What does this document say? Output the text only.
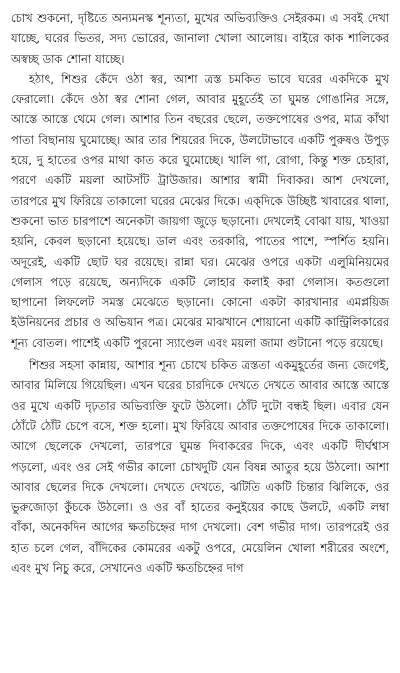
চোখ শুকনো, দৃষ্টিতে অন্যমনস্ক শূন্যতা, মুখের অভিব্যক্তিও সেইরকম। এ সবই দেখা যাচ্ছে, ঘরের ভিতর, সদ্য ভোরের, জানালা খোলা আলোয়। বাইরে কাক শালিকের অস্বচ্ছ ডাক শোনা যাচ্ছে।

হঠাৎ, শিশুর কেঁদে ওঠা স্বর, আশা ত্রস্ত চমকিত ভাবে ঘরের একদিকে মুখ ফেরালো। কেঁদে ওঠা স্বর শোনা গেল, আবার মুহূর্তেই তা ঘুমন্ত গোঙানির সঙ্গে, আস্তে আস্তে থেমে গেল। আশার তিন বছরের ছেলে, তক্তপোষের ওপর, মাত্র কাঁথা পাতা বিছানায় ঘুমোচ্ছে। আর তার শিয়রের দিকে, উলটোভাবে একটি পুরুষও উপুড় হয়ে, দু হাতের ওপর মাথা কাত করে ঘুমোচ্ছে। খালি গা, রোগা, কিন্তু শক্ত চেহারা, পরণে একটি ময়লা আটসাঁট ট্রাউজার। আশার স্বামী দিবাকর। আশ দেখলো, তারপরে মুখ ফিরিয়ে তাকালো ঘরের মেঝের দিকে। এক্‌দিকে উচ্ছিষ্ট খাবারের থালা, শুকনো ভাত চারপাশে অনেকটা জায়গা জুড়ে ছড়ানো। দেখলেই বোঝা যায়, খাওয়া হয়নি, কেবল ছড়ানো হয়েছে। ডাল এবং তরকারি, পাতের পাশে, স্পর্শিত হয়নি। অদূরেই, একটি ছোট ঘর রয়েছে। রান্না ঘর। মেঝের ওপরে একটা এলুমিনিয়মের গেলাস পড়ে রয়েছে, অন্যদিকে একটি লোহার কলাই করা গেলাস। কতগুলো ছাপানো লিফলেট সমস্ত মেঝেতে ছড়ানো। কোনো একটা কারখানার এমপ্লয়িজ ইউনিয়নের প্রচার ও অভিযান পত্র। মেঝের মাঝখানে শোয়ানো একটি কান্ট্রিলিকারের শূন্য বোতল। পাশেই একটি পুরনো স্যাণ্ডেল এবং ময়লা জামা গুটানো পড়ে রয়েছে।

শিশুর সহসা কান্নায়, আশার শূন্য চোখে চকিত ত্রস্ততা একমুহূর্তের জন্য জেগেই, আবার মিলিয়ে গিয়েছিল। এখন ঘরের চারদিকে দেখতে দেখতে আবার আস্তে আস্তে ওর মুখে একটি দৃঢ়তার অভিব্যক্তি ফুটে উঠলো। ঠোঁট দুটো বন্ধই ছিল। এবার যেন ঠোঁটে ঠোঁট চেপে বসে, শক্ত হলো। মুখ ফিরিয়ে আবার তক্তপোষের দিকে তাকালো। আগে ছেলেকে দেখলো, তারপরে ঘুমন্ত দিবাকরের দিকে, এবং একটি দীর্ঘশ্বাস পড়লো, এবং ওর সেই গভীর কালো চোখদুটি যেন বিষন্ন আতুর হয়ে উঠলো। আশা আবার ছেলের দিকে দেখলো। দেখতে দেখতে, ঝটিতি একটি চিন্তার ঝিলিকে, ওর ভুরুজোড়া কুঁচকে উঠলো। ও ওর বাঁ হাতের কনুইয়ের কাছে উলটে, একটি লম্বা বাঁকা, অনেকদিন আগের ক্ষতচিহ্নের দাগ দেখলো। বেশ গভীর দাগ। তারপরেই ওর হাত চলে গেল, বাঁদিকের কোমরের একটু ওপরে, মেয়েলিন খোলা শরীরের অংশে, এবং মুখ নিচু করে, সেখানেও একটি ক্ষতচিহ্নের দাগ
